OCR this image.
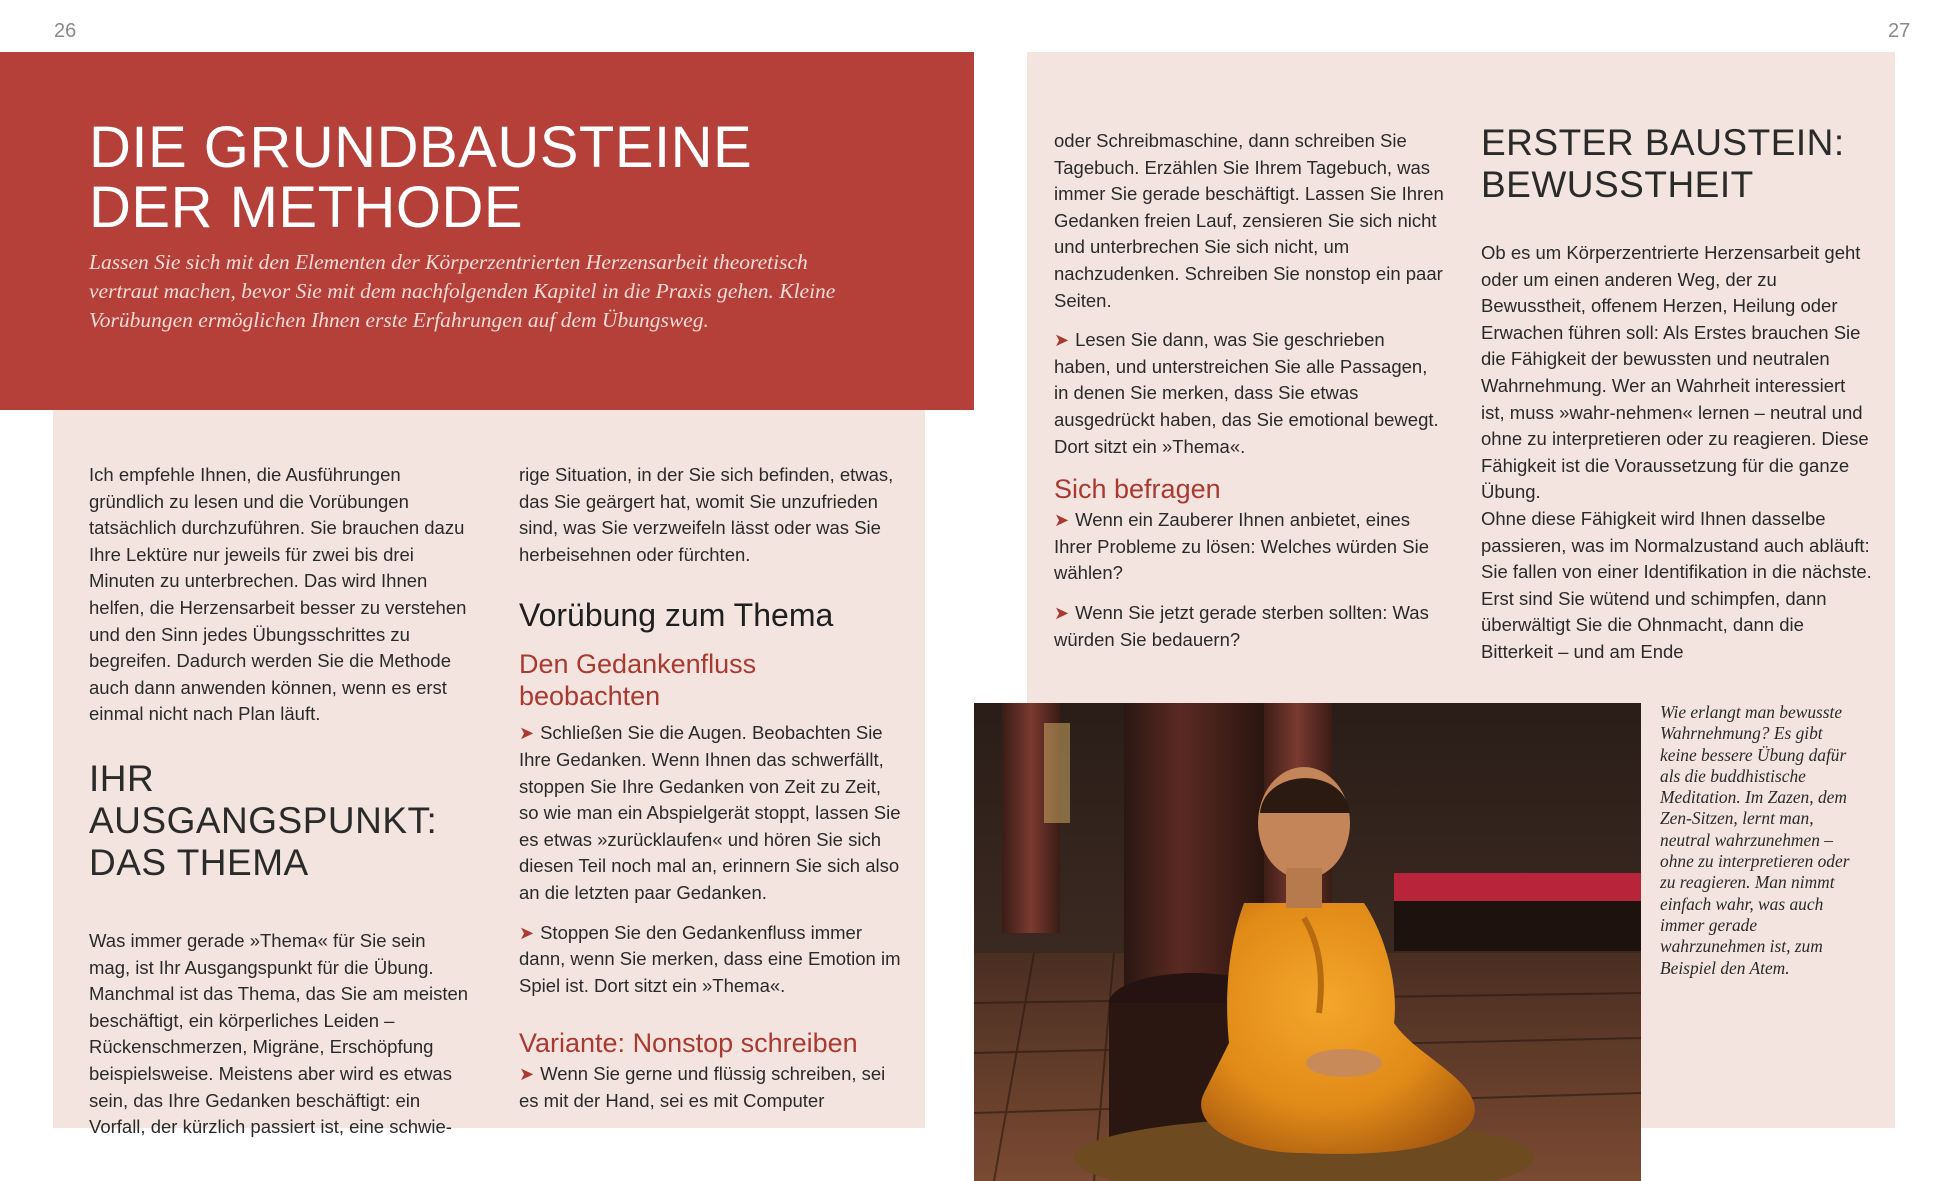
26	27
DIE GRUNDBAUSTEINE
DER METHODE
Lassen Sie sich mit den Elementen der Körperzentrierten Herzensarbeit theoretisch vertraut machen, bevor Sie mit dem nachfolgenden Kapitel in die Praxis gehen. Kleine Vorübungen ermöglichen Ihnen erste Erfahrungen auf dem Übungsweg.

Ich empfehle Ihnen, die Ausführungen gründlich zu lesen und die Vorübungen tatsächlich durchzuführen. Sie brauchen dazu Ihre Lektüre nur jeweils für zwei bis drei Minuten zu unterbrechen. Das wird Ihnen helfen, die Herzensarbeit besser zu verstehen und den Sinn jedes Übungsschrittes zu begreifen. Dadurch werden Sie die Methode auch dann anwenden können, wenn es erst einmal nicht nach Plan läuft.

IHR AUSGANGSPUNKT:
DAS THEMA

Was immer gerade »Thema« für Sie sein mag, ist Ihr Ausgangspunkt für die Übung. Manchmal ist das Thema, das Sie am meisten beschäftigt, ein körperliches Leiden – Rückenschmerzen, Migräne, Erschöpfung beispielsweise. Meistens aber wird es etwas sein, das Ihre Gedanken beschäftigt: ein Vorfall, der kürzlich passiert ist, eine schwie-

rige Situation, in der Sie sich befinden, etwas, das Sie geärgert hat, womit Sie unzufrieden sind, was Sie verzweifeln lässt oder was Sie herbeisehnen oder fürchten.

Vorübung zum Thema
Den Gedankenfluss beobachten

➤ Schließen Sie die Augen. Beobachten Sie Ihre Gedanken. Wenn Ihnen das schwerfällt, stoppen Sie Ihre Gedanken von Zeit zu Zeit, so wie man ein Abspielgerät stoppt, lassen Sie es etwas »zurücklaufen« und hören Sie sich diesen Teil noch mal an, erinnern Sie sich also an die letzten paar Gedanken.

➤ Stoppen Sie den Gedankenfluss immer dann, wenn Sie merken, dass eine Emotion im Spiel ist. Dort sitzt ein »Thema«.

Variante: Nonstop schreiben

➤ Wenn Sie gerne und flüssig schreiben, sei es mit der Hand, sei es mit Computer

oder Schreibmaschine, dann schreiben Sie Tagebuch. Erzählen Sie Ihrem Tagebuch, was immer Sie gerade beschäftigt. Lassen Sie Ihren Gedanken freien Lauf, zensieren Sie sich nicht und unterbrechen Sie sich nicht, um nachzudenken. Schreiben Sie nonstop ein paar Seiten.

➤ Lesen Sie dann, was Sie geschrieben haben, und unterstreichen Sie alle Passagen, in denen Sie merken, dass Sie etwas ausgedrückt haben, das Sie emotional bewegt. Dort sitzt ein »Thema«.

Sich befragen

➤ Wenn ein Zauberer Ihnen anbietet, eines Ihrer Probleme zu lösen: Welches würden Sie wählen?

➤ Wenn Sie jetzt gerade sterben sollten: Was würden Sie bedauern?

ERSTER BAUSTEIN:
BEWUSSTHEIT

Ob es um Körperzentrierte Herzensarbeit geht oder um einen anderen Weg, der zu Bewusstheit, offenem Herzen, Heilung oder Erwachen führen soll: Als Erstes brauchen Sie die Fähigkeit der bewussten und neutralen Wahrnehmung. Wer an Wahrheit interessiert ist, muss »wahr-nehmen« lernen – neutral und ohne zu interpretieren oder zu reagieren. Diese Fähigkeit ist die Voraussetzung für die ganze Übung.

Ohne diese Fähigkeit wird Ihnen dasselbe passieren, was im Normalzustand auch abläuft: Sie fallen von einer Identifikation in die nächste. Erst sind Sie wütend und schimpfen, dann überwältigt Sie die Ohnmacht, dann die Bitterkeit – und am Ende

Wie erlangt man bewusste Wahrnehmung? Es gibt keine bessere Übung dafür als die buddhistische Meditation. Im Zazen, dem Zen-Sitzen, lernt man, neutral wahrzunehmen – ohne zu interpretieren oder zu reagieren. Man nimmt einfach wahr, was auch immer gerade wahrzunehmen ist, zum Beispiel den Atem.
